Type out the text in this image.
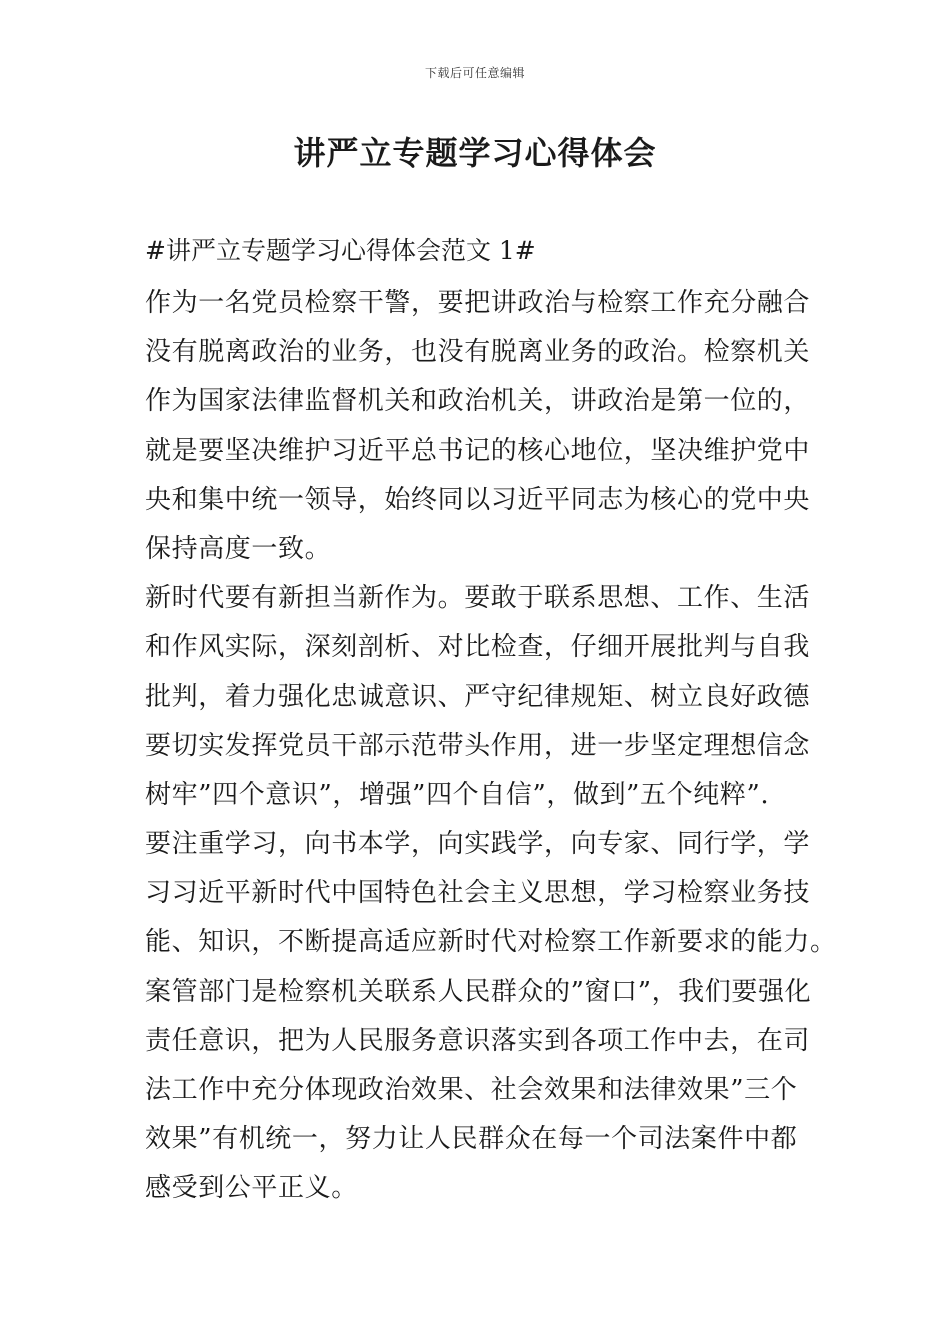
下载后可任意编辑
讲严立专题学习心得体会

#讲严立专题学习心得体会范文 1#

作为一名党员检察干警，要把讲政治与检察工作充分融合
没有脱离政治的业务，也没有脱离业务的政治。检察机关
作为国家法律监督机关和政治机关，讲政治是第一位的，
就是要坚决维护习近平总书记的核心地位，坚决维护党中
央和集中统一领导，始终同以习近平同志为核心的党中央
保持高度一致。
新时代要有新担当新作为。要敢于联系思想、工作、生活
和作风实际，深刻剖析、对比检查，仔细开展批判与自我
批判，着力强化忠诚意识、严守纪律规矩、树立良好政德
要切实发挥党员干部示范带头作用，进一步坚定理想信念
树牢”四个意识”，增强”四个自信”，做到”五个纯粹”.
要注重学习，向书本学，向实践学，向专家、同行学，学
习习近平新时代中国特色社会主义思想，学习检察业务技
能、知识，不断提高适应新时代对检察工作新要求的能力。
案管部门是检察机关联系人民群众的”窗口”，我们要强化
责任意识，把为人民服务意识落实到各项工作中去，在司
法工作中充分体现政治效果、社会效果和法律效果”三个
效果”有机统一，努力让人民群众在每一个司法案件中都
感受到公平正义。
